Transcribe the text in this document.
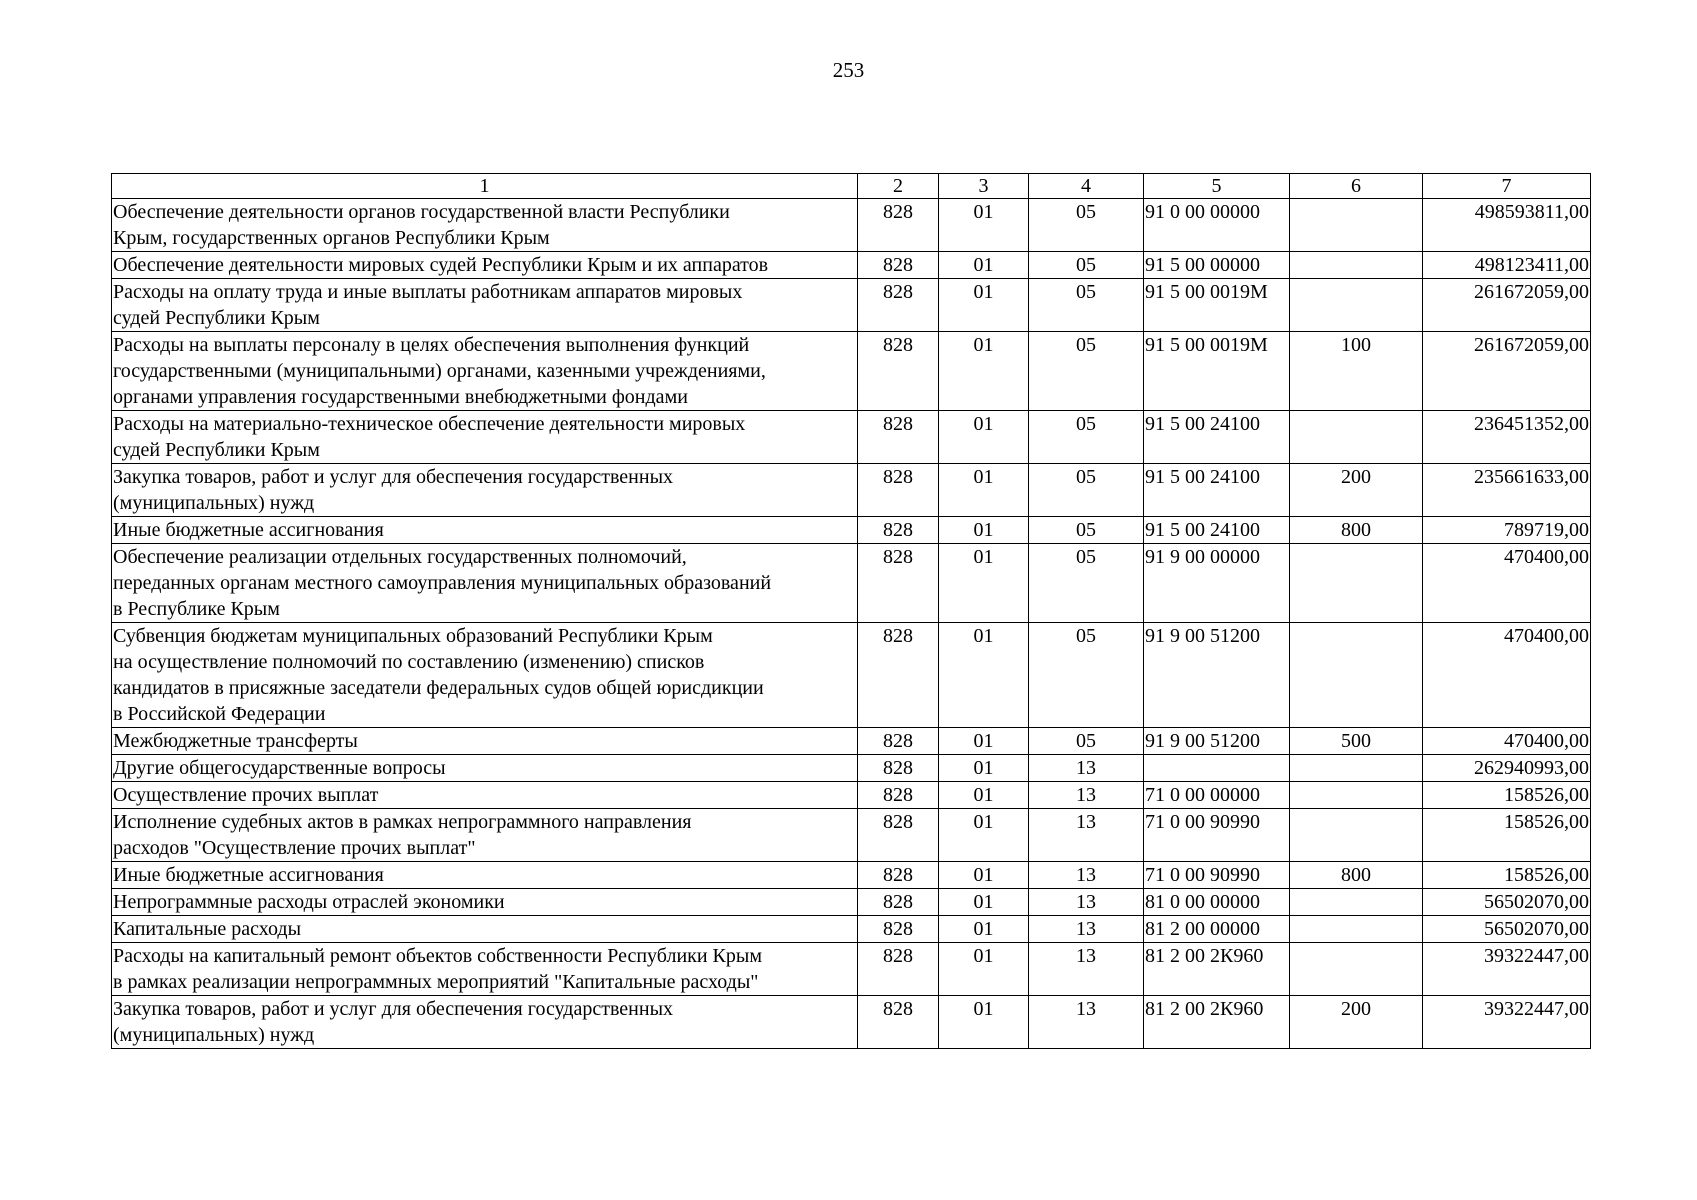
253
1	2	3	4	5	6	7
Обеспечение деятельности органов государственной власти Республики
Крым, государственных органов Республики Крым	828	01	05	91 0 00 00000		498593811,00
Обеспечение деятельности мировых судей Республики Крым и их аппаратов	828	01	05	91 5 00 00000		498123411,00
Расходы на оплату труда и иные выплаты работникам аппаратов мировых
судей Республики Крым	828	01	05	91 5 00 0019М		261672059,00
Расходы на выплаты персоналу в целях обеспечения выполнения функций
государственными (муниципальными) органами, казенными учреждениями,
органами управления государственными внебюджетными фондами	828	01	05	91 5 00 0019М	100	261672059,00
Расходы на материально-техническое обеспечение деятельности мировых
судей Республики Крым	828	01	05	91 5 00 24100		236451352,00
Закупка товаров, работ и услуг для обеспечения государственных
(муниципальных) нужд	828	01	05	91 5 00 24100	200	235661633,00
Иные бюджетные ассигнования	828	01	05	91 5 00 24100	800	789719,00
Обеспечение реализации отдельных государственных полномочий,
переданных органам местного самоуправления муниципальных образований
в Республике Крым	828	01	05	91 9 00 00000		470400,00
Субвенция бюджетам муниципальных образований Республики Крым
на осуществление полномочий по составлению (изменению) списков
кандидатов в присяжные заседатели федеральных судов общей юрисдикции
в Российской Федерации	828	01	05	91 9 00 51200		470400,00
Межбюджетные трансферты	828	01	05	91 9 00 51200	500	470400,00
Другие общегосударственные вопросы	828	01	13			262940993,00
Осуществление прочих выплат	828	01	13	71 0 00 00000		158526,00
Исполнение судебных актов в рамках непрограммного направления
расходов "Осуществление прочих выплат"	828	01	13	71 0 00 90990		158526,00
Иные бюджетные ассигнования	828	01	13	71 0 00 90990	800	158526,00
Непрограммные расходы отраслей экономики	828	01	13	81 0 00 00000		56502070,00
Капитальные расходы	828	01	13	81 2 00 00000		56502070,00
Расходы на капитальный ремонт объектов собственности Республики Крым
в рамках реализации непрограммных мероприятий "Капитальные расходы"	828	01	13	81 2 00 2К960		39322447,00
Закупка товаров, работ и услуг для обеспечения государственных
(муниципальных) нужд	828	01	13	81 2 00 2К960	200	39322447,00
